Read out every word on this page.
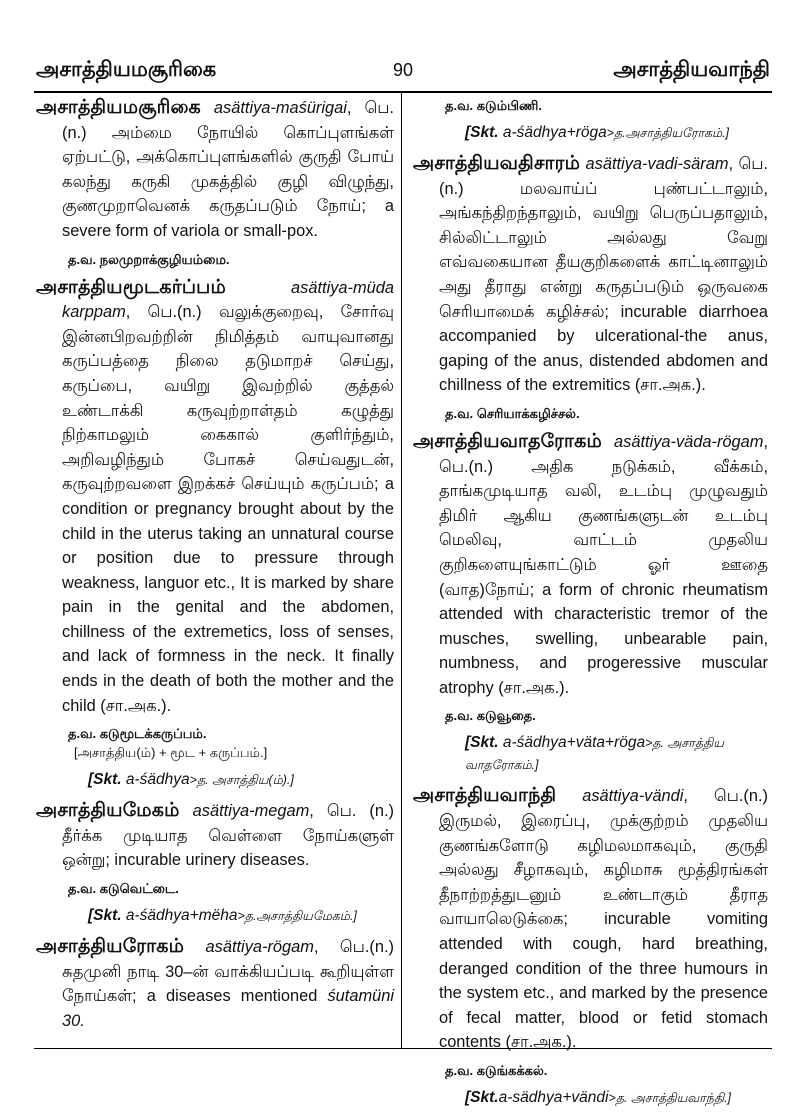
அசாத்தியமசூரிகை	90	அசாத்தியவாந்தி

அசாத்தியமசூரிகை asättiya-maśürigai, பெ.(n.) அம்மை நோயில் கொப்புளங்கள் ஏற்பட்டு, அக்கொப்புளங்களில் குருதி போய் கலந்து கருகி முகத்தில் குழி விழுந்து, குணமுறாவெனக் கருதப்படும் நோய்; a severe form of variola or small-pox.

த.வ. நலமுறாக்குழியம்மை.

அசாத்தியமூடகர்ப்பம்	asättiya-müda karppam, பெ.(n.) வலுக்குறைவு, சோர்வு இன்னபிறவற்றின் நிமித்தம் வாயுவானது கருப்பத்தை நிலை தடுமாறச் செய்து, கருப்பை, வயிறு இவற்றில் குத்தல் உண்டாக்கி கருவுற்றாள்தம் கழுத்து நிற்காமலும் கைகால் குளிர்ந்தும், அறிவழிந்தும் போகச் செய்வதுடன், கருவுற்றவளை இறக்கச் செய்யும் கருப்பம்; a condition or pregnancy brought about by the child in the uterus taking an unnatural course or position due to pressure through weakness, languor etc., It is marked by share pain in the genital and the abdomen, chillness of the extremetics, loss of senses, and lack of formness in the neck. It finally ends in the death of both the mother and the child (சா.அக.).

த.வ. கடுமூடக்கருப்பம்.
[அசாத்திய(ம்) + மூட + கருப்பம்.]
[Skt. a-śädhya>த. அசாத்திய(ம்).]

அசாத்தியமேகம் asättiya-megam, பெ. (n.) தீர்க்க முடியாத வெள்ளை நோய்களுள் ஒன்று; incurable urinery diseases.

த.வ. கடுவெட்டை.
[Skt. a-śädhya+mëha>த.அசாத்தியமேகம்.]

அசாத்தியரோகம் asättiya-rögam, பெ.(n.) சுதமுனி நாடி 30–ன் வாக்கியப்படி கூறியுள்ள நோய்கள்; a diseases mentioned śutamüni 30.

த.வ. கடும்பிணி.
[Skt. a-śädhya+röga>த.அசாத்தியரோகம்.]

அசாத்தியவதிசாரம் asättiya-vadi-säram, பெ.(n.) மலவாய்ப் புண்பட்டாலும், அங்கந்திறந்தாலும், வயிறு பெருப்பதாலும், சில்லிட்டாலும் அல்லது வேறு எவ்வகையான தீயகுறிகளைக் காட்டினாலும் அது தீராது என்று கருதப்படும் ஒருவகை செரியாமைக் கழிச்சல்; incurable diarrhoea accompanied by ulcerational-the anus, gaping of the anus, distended abdomen and chillness of the extremitics (சா.அக.).

த.வ. செரியாக்கழிச்சல்.

அசாத்தியவாதரோகம் asättiya-väda-rögam, பெ.(n.) அதிக நடுக்கம், வீக்கம், தாங்கமுடியாத வலி, உடம்பு முழுவதும் திமிர் ஆகிய குணங்களுடன் உடம்பு மெலிவு, வாட்டம் முதலிய குறிகளையுங்காட்டும் ஓர் ஊதை (வாத)நோய்; a form of chronic rheumatism attended with characteristic tremor of the musches, swelling, unbearable pain, numbness, and progeressive muscular atrophy (சா.அக.).

த.வ. கடுவூதை.
[Skt. a-śädhya+väta+röga>த. அசாத்திய வாதரோகம்.]

அசாத்தியவாந்தி asättiya-vändi, பெ.(n.) இருமல், இரைப்பு, முக்குற்றம் முதலிய குணங்களோடு கழிமலமாகவும், குருதி அல்லது சீழாகவும், கழிமாசு மூத்திரங்கள் தீநாற்றத்துடனும் உண்டாகும் தீராத வாயாலெடுக்கை; incurable vomiting attended with cough, hard breathing, deranged condition of the three humours in the system etc., and marked by the presence of fecal matter, blood or fetid stomach contents (சா.அக.).

த.வ. கடுங்கக்கல்.
[Skt.a-sädhya+vändi>த. அசாத்தியவாந்தி.]
